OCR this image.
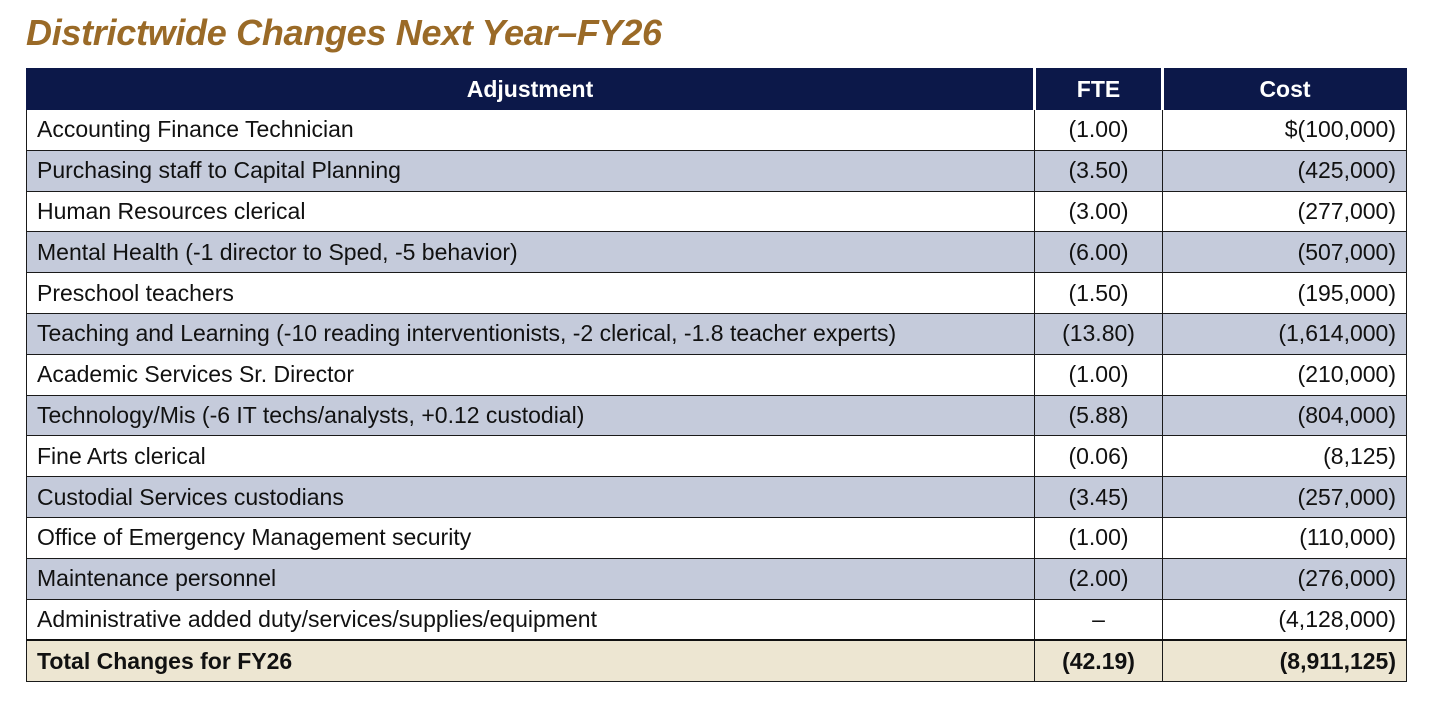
Districtwide Changes Next Year–FY26
Adjustment	FTE	Cost
Accounting Finance Technician	(1.00)	$(100,000)
Purchasing staff to Capital Planning	(3.50)	(425,000)
Human Resources clerical	(3.00)	(277,000)
Mental Health (-1 director to Sped, -5 behavior)	(6.00)	(507,000)
Preschool teachers	(1.50)	(195,000)
Teaching and Learning (-10 reading interventionists, -2 clerical, -1.8 teacher experts)	(13.80)	(1,614,000)
Academic Services Sr. Director	(1.00)	(210,000)
Technology/Mis (-6 IT techs/analysts, +0.12 custodial)	(5.88)	(804,000)
Fine Arts clerical	(0.06)	(8,125)
Custodial Services custodians	(3.45)	(257,000)
Office of Emergency Management security	(1.00)	(110,000)
Maintenance personnel	(2.00)	(276,000)
Administrative added duty/services/supplies/equipment	–	(4,128,000)
Total Changes for FY26	(42.19)	(8,911,125)
